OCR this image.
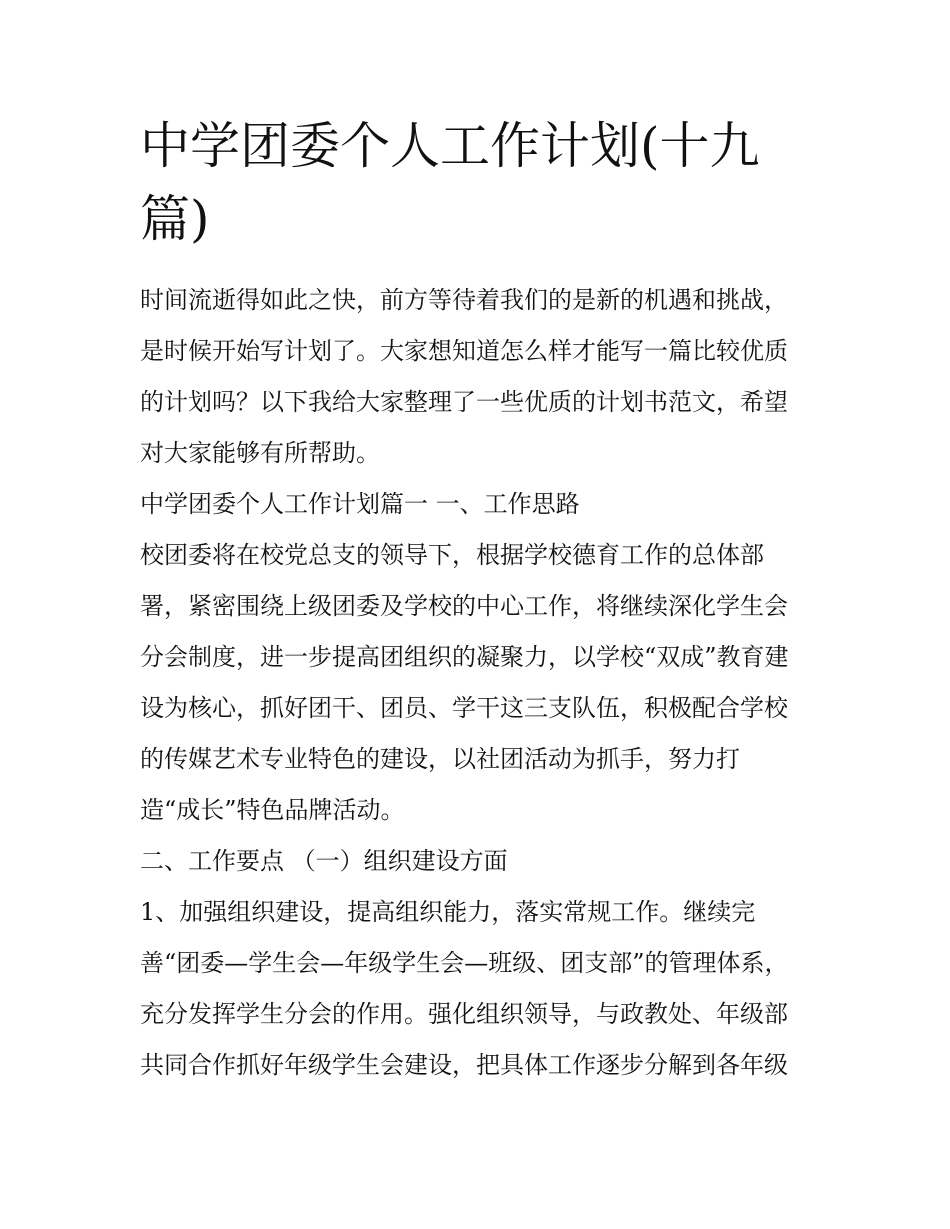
中学团委个人工作计划(十九
篇)

时间流逝得如此之快，前方等待着我们的是新的机遇和挑战，

是时候开始写计划了。大家想知道怎么样才能写一篇比较优质

的计划吗？以下我给大家整理了一些优质的计划书范文，希望

对大家能够有所帮助。

中学团委个人工作计划篇一 一、工作思路

校团委将在校党总支的领导下，根据学校德育工作的总体部

署，紧密围绕上级团委及学校的中心工作，将继续深化学生会

分会制度，进一步提高团组织的凝聚力，以学校“双成”教育建

设为核心，抓好团干、团员、学干这三支队伍，积极配合学校

的传媒艺术专业特色的建设，以社团活动为抓手，努力打

造“成长”特色品牌活动。

二、工作要点 （一）组织建设方面

1、加强组织建设，提高组织能力，落实常规工作。继续完

善“团委—学生会—年级学生会—班级、团支部”的管理体系，

充分发挥学生分会的作用。强化组织领导，与政教处、年级部

共同合作抓好年级学生会建设，把具体工作逐步分解到各年级
